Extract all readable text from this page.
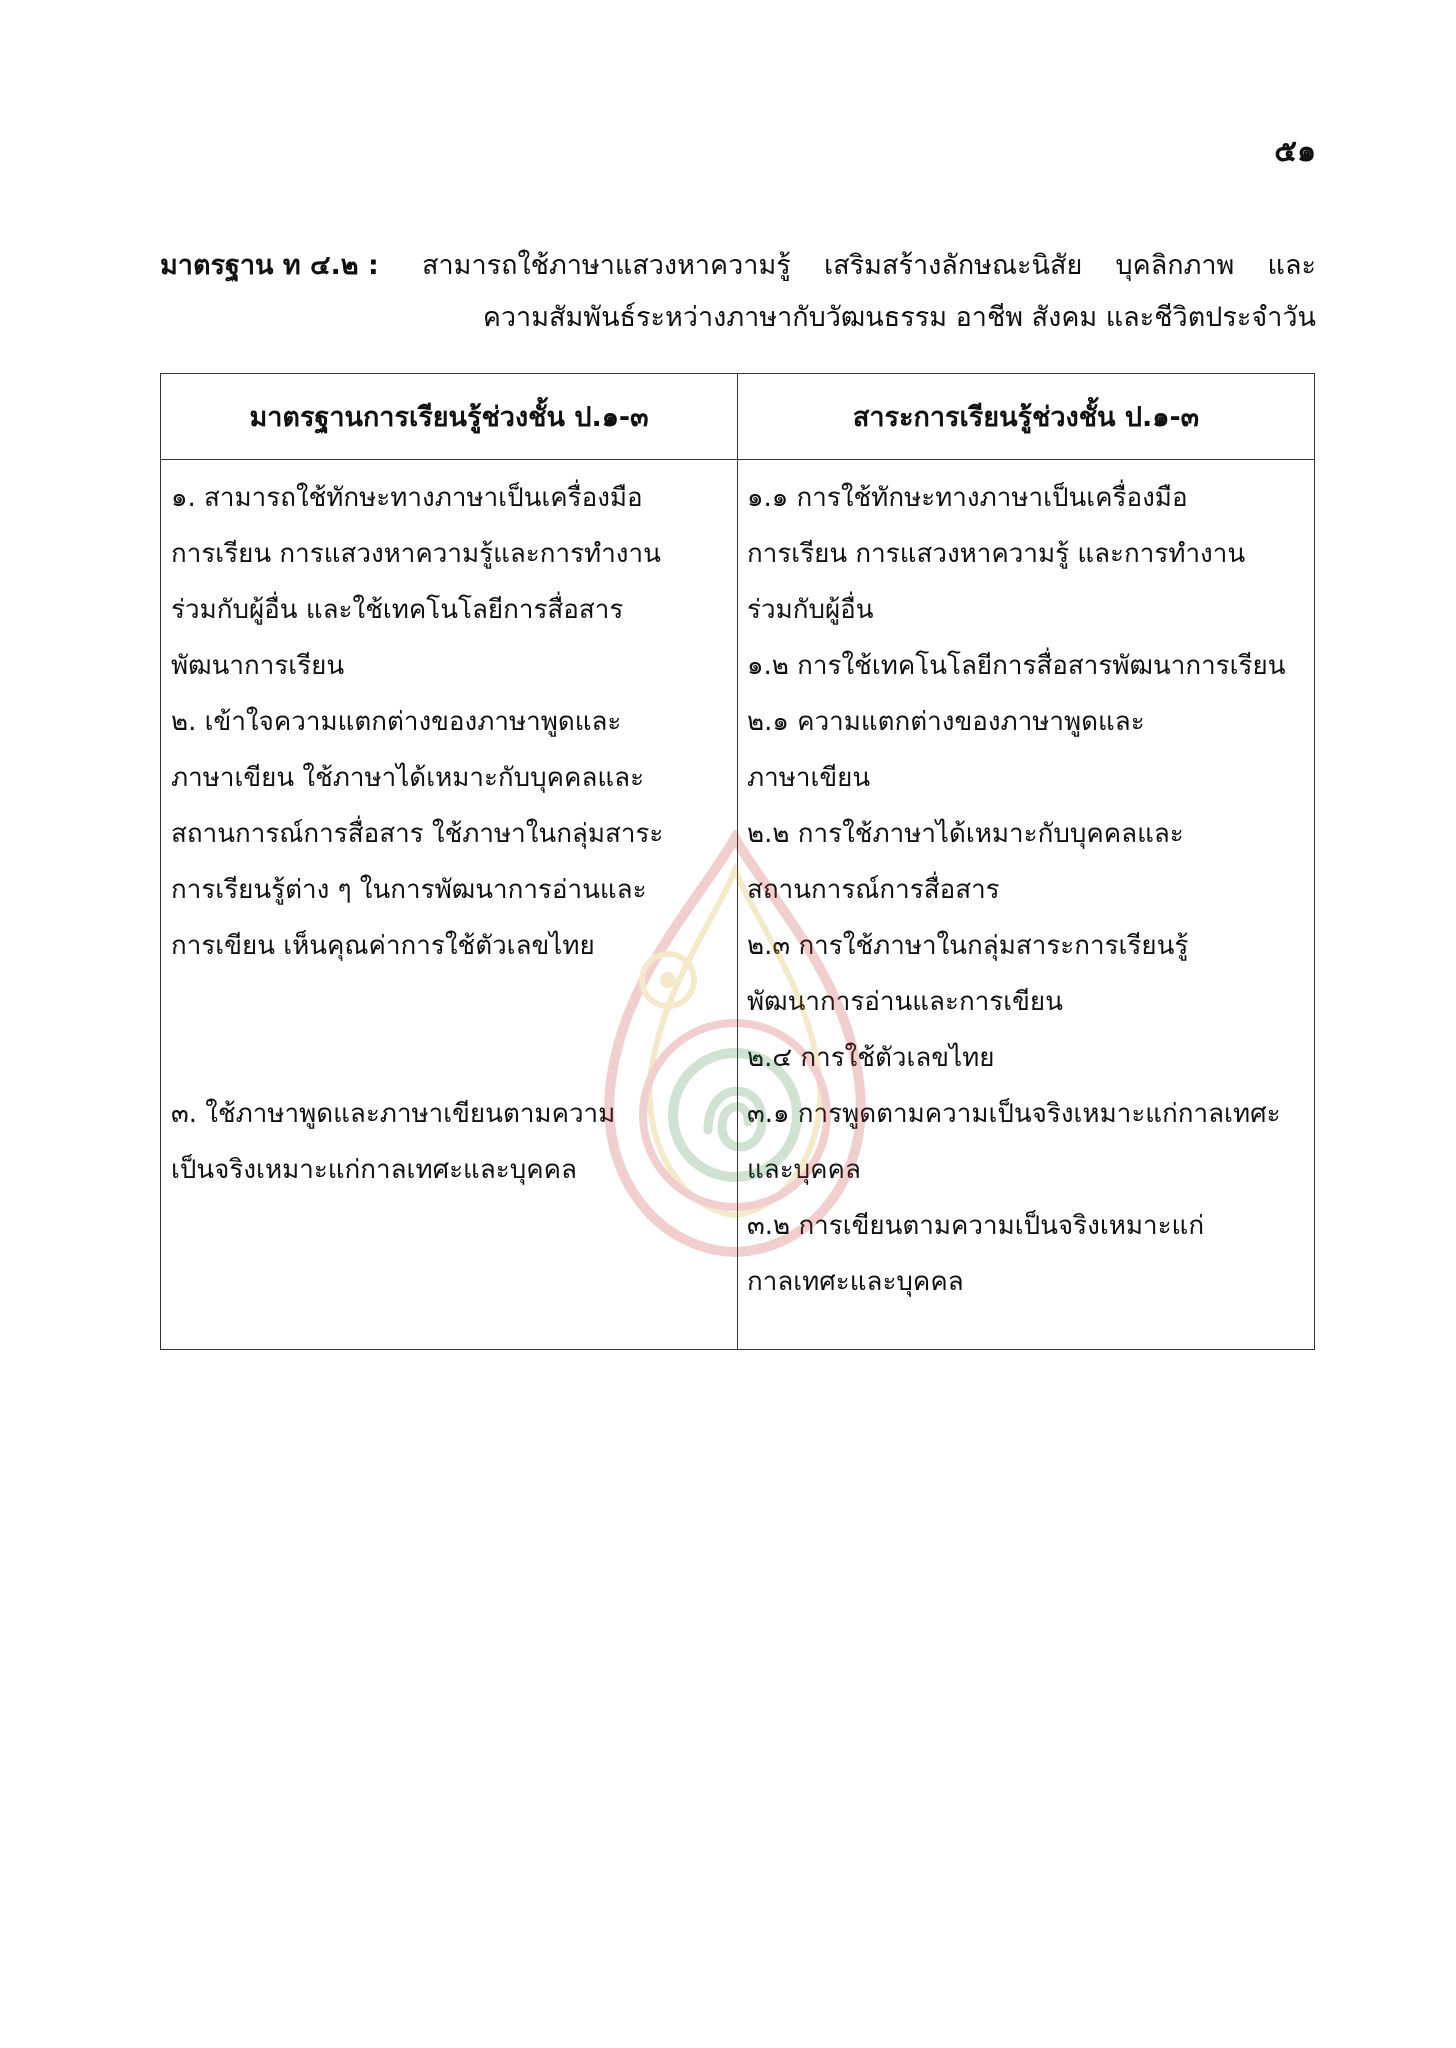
๕๑
มาตรฐาน ท ๔.๒ :	สามารถใช้ภาษาแสวงหาความรู้ เสริมสร้างลักษณะนิสัย บุคลิกภาพ และ
ความสัมพันธ์ระหว่างภาษากับวัฒนธรรม อาชีพ สังคม และชีวิตประจำวัน
มาตรฐานการเรียนรู้ช่วงชั้น ป.๑-๓	สาระการเรียนรู้ช่วงชั้น ป.๑-๓
๑. สามารถใช้ทักษะทางภาษาเป็นเครื่องมือ
การเรียน การแสวงหาความรู้และการทำงาน
ร่วมกับผู้อื่น และใช้เทคโนโลยีการสื่อสาร
พัฒนาการเรียน
๒. เข้าใจความแตกต่างของภาษาพูดและ
ภาษาเขียน ใช้ภาษาได้เหมาะกับบุคคลและ
สถานการณ์การสื่อสาร ใช้ภาษาในกลุ่มสาระ
การเรียนรู้ต่าง ๆ ในการพัฒนาการอ่านและ
การเขียน เห็นคุณค่าการใช้ตัวเลขไทย

๓. ใช้ภาษาพูดและภาษาเขียนตามความ
เป็นจริงเหมาะแก่กาลเทศะและบุคคล
๑.๑ การใช้ทักษะทางภาษาเป็นเครื่องมือ
การเรียน การแสวงหาความรู้ และการทำงาน
ร่วมกับผู้อื่น
๑.๒ การใช้เทคโนโลยีการสื่อสารพัฒนาการเรียน
๒.๑ ความแตกต่างของภาษาพูดและ
ภาษาเขียน
๒.๒ การใช้ภาษาได้เหมาะกับบุคคลและ
สถานการณ์การสื่อสาร
๒.๓ การใช้ภาษาในกลุ่มสาระการเรียนรู้
พัฒนาการอ่านและการเขียน
๒.๔ การใช้ตัวเลขไทย
๓.๑ การพูดตามความเป็นจริงเหมาะแก่กาลเทศะ
และบุคคล
๓.๒ การเขียนตามความเป็นจริงเหมาะแก่
กาลเทศะและบุคคล
